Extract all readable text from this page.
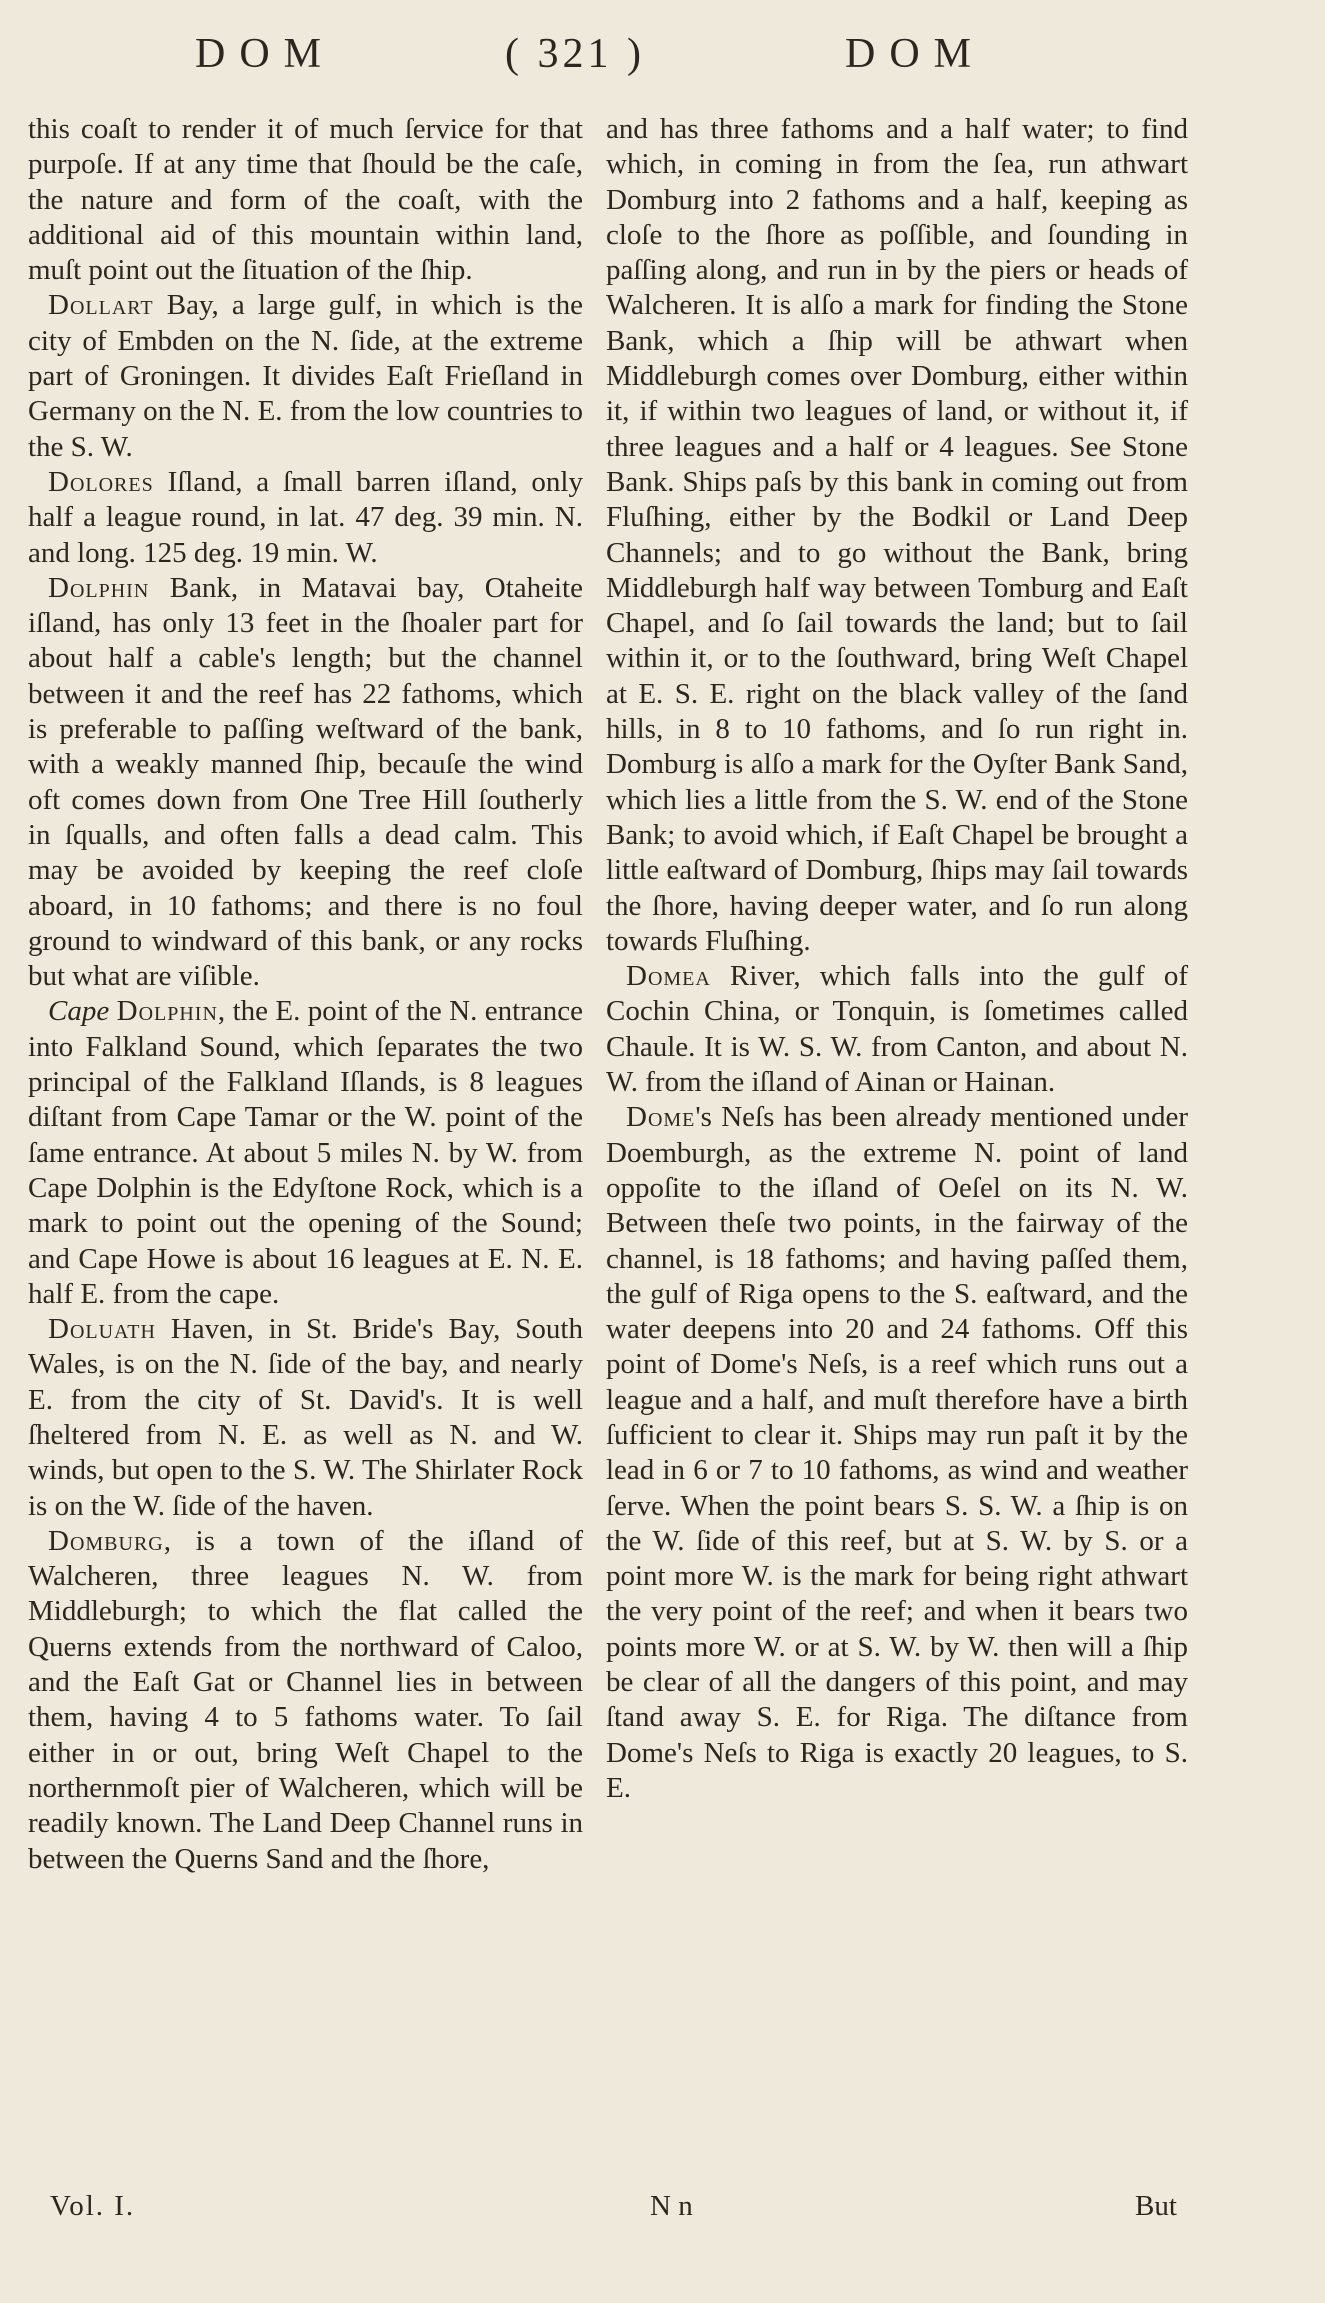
DOM	( 321 )	DOM

this coaſt to render it of much ſervice for that purpoſe. If at any time that ſhould be the caſe, the nature and form of the coaſt, with the additional aid of this mountain within land, muſt point out the ſituation of the ſhip.

Dollart Bay, a large gulf, in which is the city of Embden on the N. ſide, at the extreme part of Groningen. It divides Eaſt Frieſland in Germany on the N. E. from the low countries to the S. W.

Dolores Iſland, a ſmall barren iſland, only half a league round, in lat. 47 deg. 39 min. N. and long. 125 deg. 19 min. W.

Dolphin Bank, in Matavai bay, Otaheite iſland, has only 13 feet in the ſhoaler part for about half a cable's length; but the channel between it and the reef has 22 fathoms, which is preferable to paſſing weſtward of the bank, with a weakly manned ſhip, becauſe the wind oft comes down from One Tree Hill ſoutherly in ſqualls, and often falls a dead calm. This may be avoided by keeping the reef cloſe aboard, in 10 fathoms; and there is no foul ground to windward of this bank, or any rocks but what are viſible.

Cape Dolphin, the E. point of the N. entrance into Falkland Sound, which ſeparates the two principal of the Falkland Iſlands, is 8 leagues diſtant from Cape Tamar or the W. point of the ſame entrance. At about 5 miles N. by W. from Cape Dolphin is the Edyſtone Rock, which is a mark to point out the opening of the Sound; and Cape Howe is about 16 leagues at E. N. E. half E. from the cape.

Doluath Haven, in St. Bride's Bay, South Wales, is on the N. ſide of the bay, and nearly E. from the city of St. David's. It is well ſheltered from N. E. as well as N. and W. winds, but open to the S. W. The Shirlater Rock is on the W. ſide of the haven.

Domburg, is a town of the iſland of Walcheren, three leagues N. W. from Middleburgh; to which the flat called the Querns extends from the northward of Caloo, and the Eaſt Gat or Channel lies in between them, having 4 to 5 fathoms water. To ſail either in or out, bring Weſt Chapel to the northernmoſt pier of Walcheren, which will be readily known. The Land Deep Channel runs in between the Querns Sand and the ſhore,

and has three fathoms and a half water; to find which, in coming in from the ſea, run athwart Domburg into 2 fathoms and a half, keeping as cloſe to the ſhore as poſſible, and ſounding in paſſing along, and run in by the piers or heads of Walcheren. It is alſo a mark for finding the Stone Bank, which a ſhip will be athwart when Middleburgh comes over Domburg, either within it, if within two leagues of land, or without it, if three leagues and a half or 4 leagues. See Stone Bank. Ships paſs by this bank in coming out from Fluſhing, either by the Bodkil or Land Deep Channels; and to go without the Bank, bring Middleburgh half way between Tomburg and Eaſt Chapel, and ſo ſail towards the land; but to ſail within it, or to the ſouthward, bring Weſt Chapel at E. S. E. right on the black valley of the ſand hills, in 8 to 10 fathoms, and ſo run right in. Domburg is alſo a mark for the Oyſter Bank Sand, which lies a little from the S. W. end of the Stone Bank; to avoid which, if Eaſt Chapel be brought a little eaſtward of Domburg, ſhips may ſail towards the ſhore, having deeper water, and ſo run along towards Fluſhing.

Domea River, which falls into the gulf of Cochin China, or Tonquin, is ſometimes called Chaule. It is W. S. W. from Canton, and about N. W. from the iſland of Ainan or Hainan.

Dome's Neſs has been already mentioned under Doemburgh, as the extreme N. point of land oppoſite to the iſland of Oeſel on its N. W. Between theſe two points, in the fairway of the channel, is 18 fathoms; and having paſſed them, the gulf of Riga opens to the S. eaſtward, and the water deepens into 20 and 24 fathoms. Off this point of Dome's Neſs, is a reef which runs out a league and a half, and muſt therefore have a birth ſufficient to clear it. Ships may run paſt it by the lead in 6 or 7 to 10 fathoms, as wind and weather ſerve. When the point bears S. S. W. a ſhip is on the W. ſide of this reef, but at S. W. by S. or a point more W. is the mark for being right athwart the very point of the reef; and when it bears two points more W. or at S. W. by W. then will a ſhip be clear of all the dangers of this point, and may ſtand away S. E. for Riga. The diſtance from Dome's Neſs to Riga is exactly 20 leagues, to S. E.

Vol. I.	N n	But
